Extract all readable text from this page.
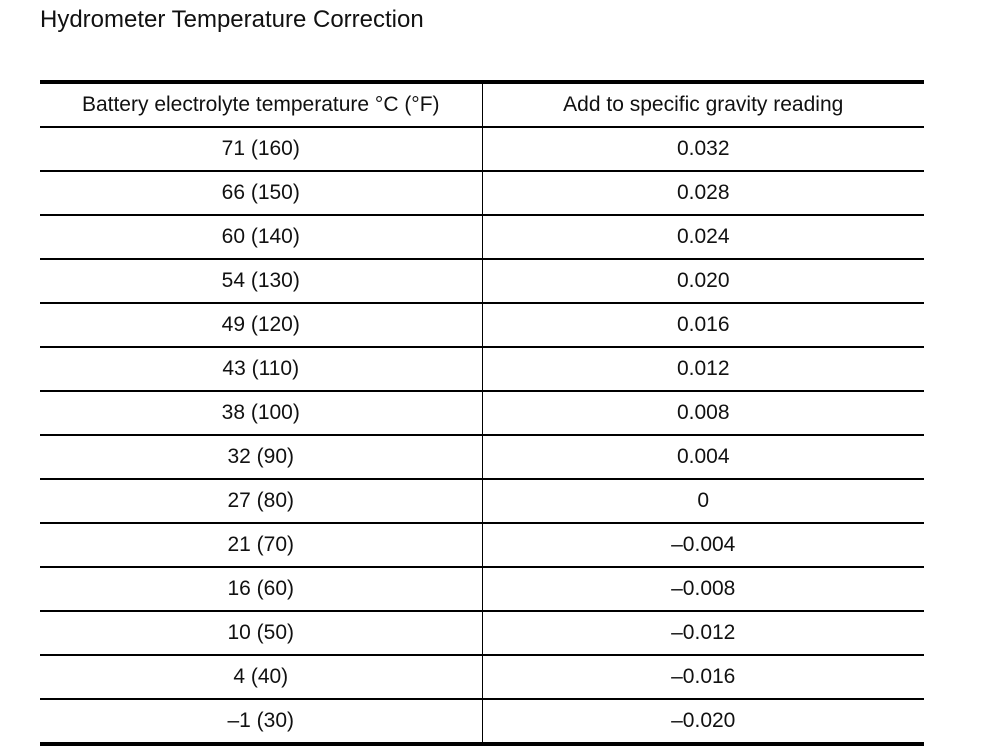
Hydrometer Temperature Correction
Battery electrolyte temperature °C (°F)	Add to specific gravity reading
71 (160)	0.032
66 (150)	0.028
60 (140)	0.024
54 (130)	0.020
49 (120)	0.016
43 (110)	0.012
38 (100)	0.008
32 (90)	0.004
27 (80)	0
21 (70)	–0.004
16 (60)	–0.008
10 (50)	–0.012
4 (40)	–0.016
–1 (30)	–0.020
